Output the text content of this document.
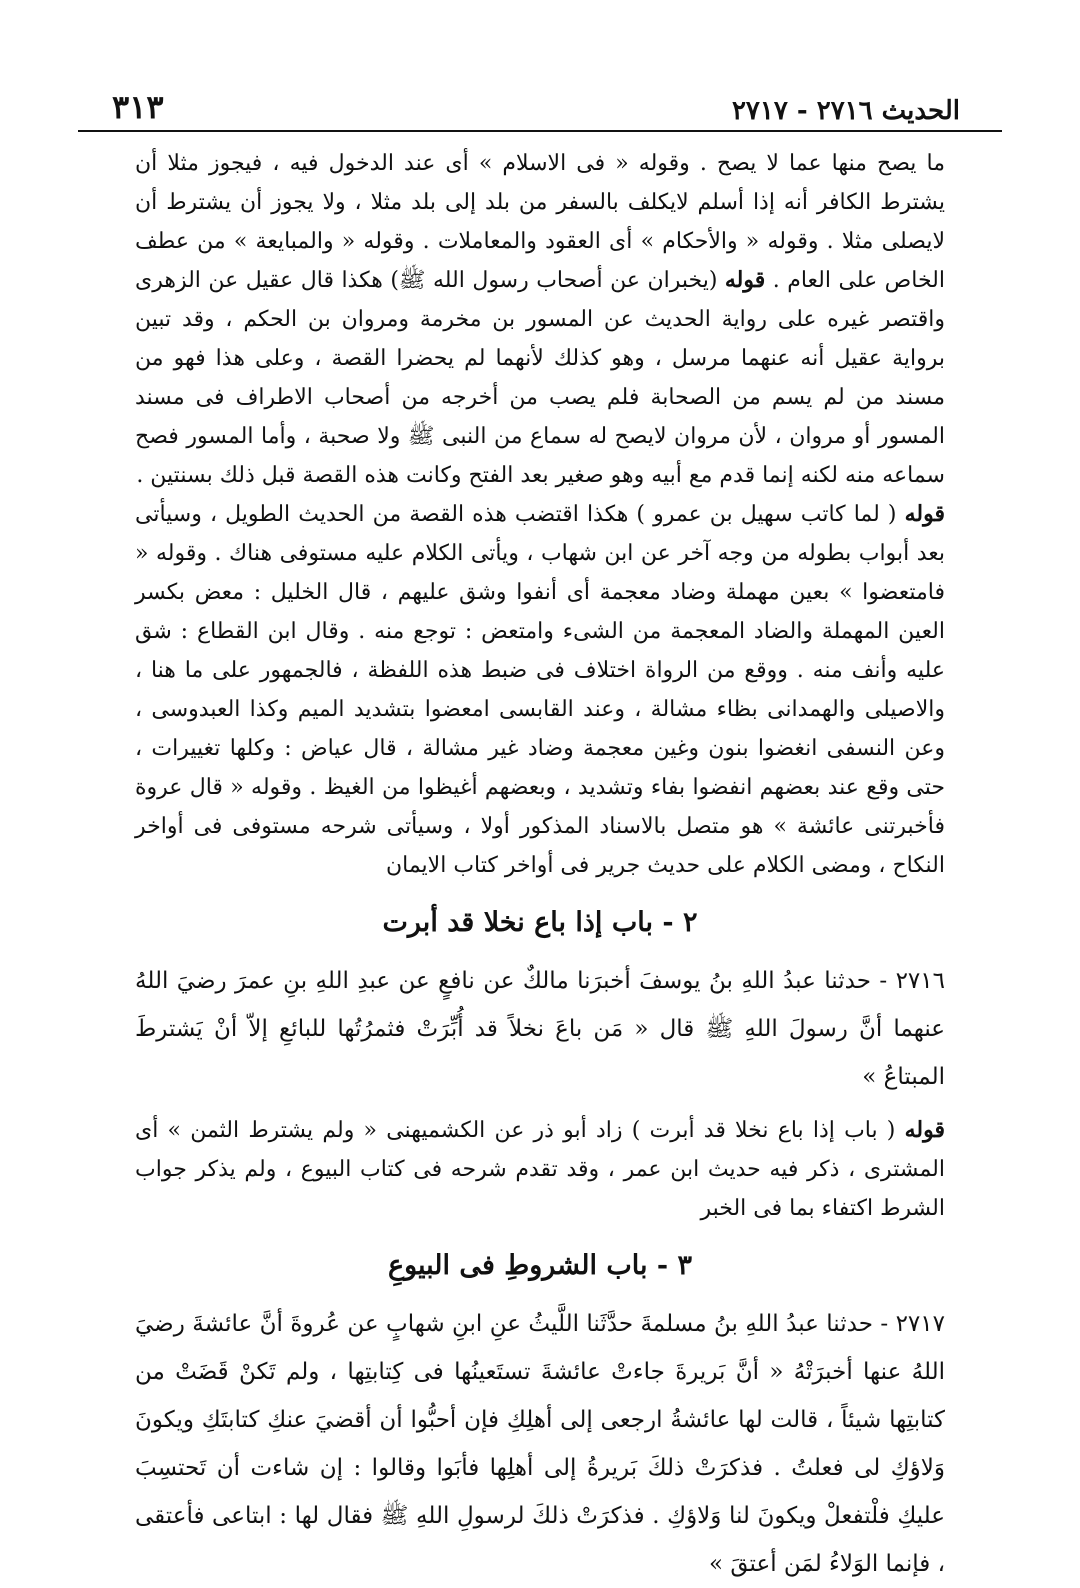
الحديث ٢٧١٦ - ٢٧١٧
٣١٣

ما يصح منها عما لا يصح . وقوله « فى الاسلام » أى عند الدخول فيه ، فيجوز مثلا أن يشترط الكافر أنه إذا أسلم لايكلف بالسفر من بلد إلى بلد مثلا ، ولا يجوز أن يشترط أن لايصلى مثلا . وقوله « والأحكام » أى العقود والمعاملات . وقوله « والمبايعة » من عطف الخاص على العام . قوله (يخبران عن أصحاب رسول الله ﷺ) هكذا قال عقيل عن الزهرى واقتصر غيره على رواية الحديث عن المسور بن مخرمة ومروان بن الحكم ، وقد تبين برواية عقيل أنه عنهما مرسل ، وهو كذلك لأنهما لم يحضرا القصة ، وعلى هذا فهو من مسند من لم يسم من الصحابة فلم يصب من أخرجه من أصحاب الاطراف فى مسند المسور أو مروان ، لأن مروان لايصح له سماع من النبى ﷺ ولا صحبة ، وأما المسور فصح سماعه منه لكنه إنما قدم مع أبيه وهو صغير بعد الفتح وكانت هذه القصة قبل ذلك بسنتين .

قوله ( لما كاتب سهيل بن عمرو ) هكذا اقتضب هذه القصة من الحديث الطويل ، وسيأتى بعد أبواب بطوله من وجه آخر عن ابن شهاب ، ويأتى الكلام عليه مستوفى هناك . وقوله « فامتعضوا » بعين مهملة وضاد معجمة أى أنفوا وشق عليهم ، قال الخليل : معض بكسر العين المهملة والضاد المعجمة من الشىء وامتعض : توجع منه . وقال ابن القطاع : شق عليه وأنف منه . ووقع من الرواة اختلاف فى ضبط هذه اللفظة ، فالجمهور على ما هنا ، والاصيلى والهمدانى بظاء مشالة ، وعند القابسى امعضوا بتشديد الميم وكذا العبدوسى ، وعن النسفى انغضوا بنون وغين معجمة وضاد غير مشالة ، قال عياض : وكلها تغييرات ، حتى وقع عند بعضهم انفضوا بفاء وتشديد ، وبعضهم أغيظوا من الغيظ . وقوله « قال عروة فأخبرتنى عائشة » هو متصل بالاسناد المذكور أولا ، وسيأتى شرحه مستوفى فى أواخر النكاح ، ومضى الكلام على حديث جرير فى أواخر كتاب الايمان

٢ - باب إذا باع نخلا قد أبرت

٢٧١٦ - حدثنا عبدُ اللهِ بنُ يوسفَ أخبرَنا مالكٌ عن نافعٍ عن عبدِ اللهِ بنِ عمرَ رضيَ اللهُ عنهما أنَّ رسولَ اللهِ ﷺ قال « مَن باعَ نخلاً قد أُبِّرَتْ فثمرُتُها للبائعِ إلاّ أنْ يَشترطَ المبتاعُ »

قوله ( باب إذا باع نخلا قد أبرت ) زاد أبو ذر عن الكشميهنى « ولم يشترط الثمن » أى المشترى ، ذكر فيه حديث ابن عمر ، وقد تقدم شرحه فى كتاب البيوع ، ولم يذكر جواب الشرط اكتفاء بما فى الخبر

٣ - باب الشروطِ فى البيوعِ

٢٧١٧ - حدثنا عبدُ اللهِ بنُ مسلمةَ حدَّثَنا اللَّيثُ عنِ ابنِ شهابٍ عن عُروةَ أنَّ عائشةَ رضيَ اللهُ عنها أخبرَتْهُ « أنَّ بَريرةَ جاءتْ عائشةَ تستَعينُها فى كِتابتِها ، ولم تَكنْ قَضَتْ من كتابتِها شيئاً ، قالت لها عائشةُ ارجعى إلى أهلِكِ فإن أحبُّوا أن أقضيَ عنكِ كتابتَكِ ويكونَ وَلاؤكِ لى فعلتُ . فذكرَتْ ذلكَ بَريرةُ إلى أهلِها فأبَوا وقالوا : إن شاءت أن تَحتسِبَ عليكِ فلْتفعلْ ويكونَ لنا وَلاؤكِ . فذكرَتْ ذلكَ لرسولِ اللهِ ﷺ فقال لها : ابتاعى فأعتقى ، فإنما الوَلاءُ لمَن أعتقَ »
